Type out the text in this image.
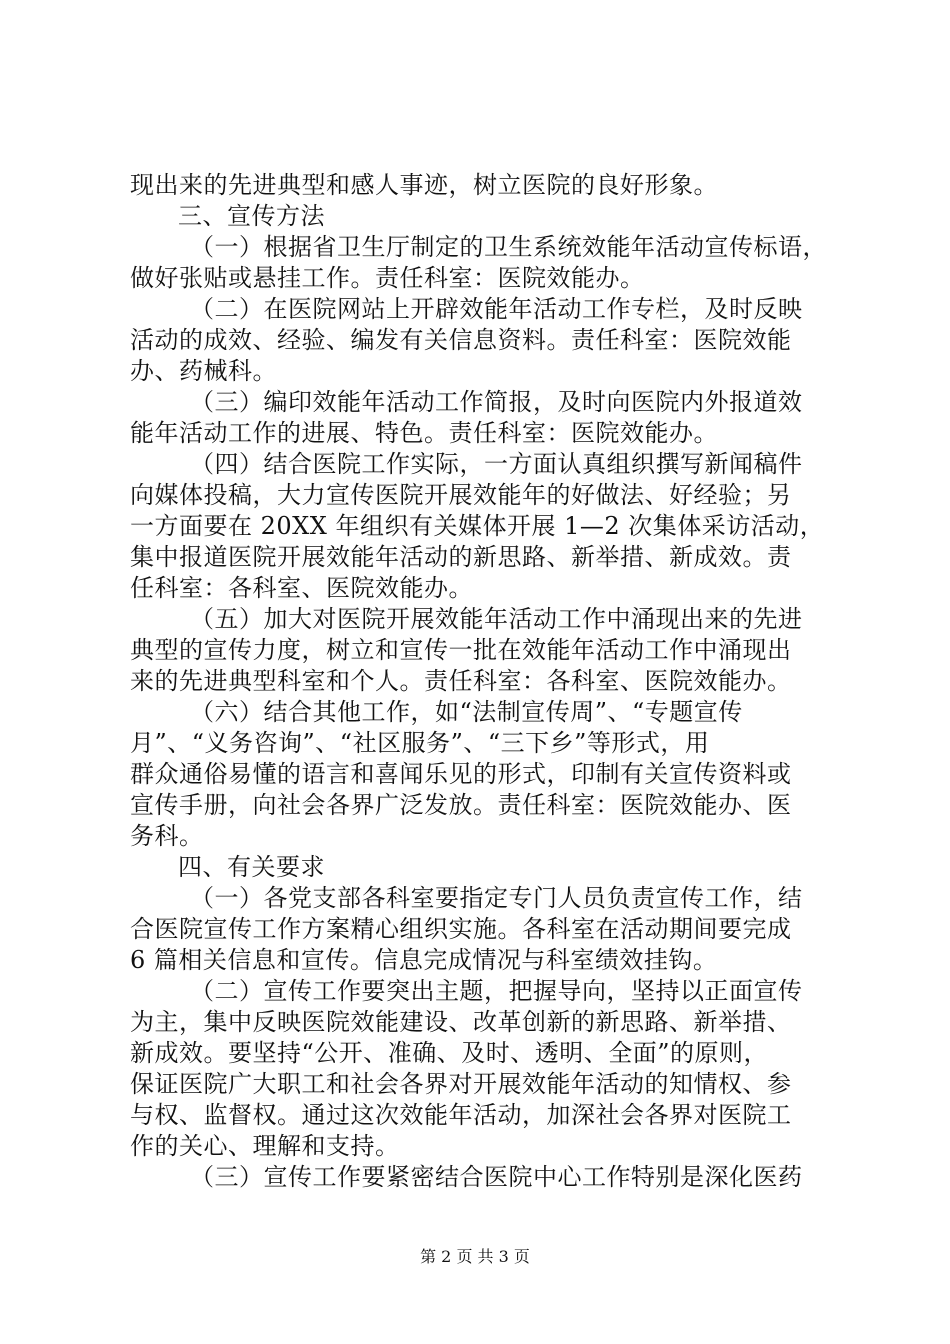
现出来的先进典型和感人事迹，树立医院的良好形象。
三、宣传方法
（一）根据省卫生厅制定的卫生系统效能年活动宣传标语，
做好张贴或悬挂工作。责任科室：医院效能办。
（二）在医院网站上开辟效能年活动工作专栏，及时反映
活动的成效、经验、编发有关信息资料。责任科室：医院效能
办、药械科。
（三）编印效能年活动工作简报，及时向医院内外报道效
能年活动工作的进展、特色。责任科室：医院效能办。
（四）结合医院工作实际，一方面认真组织撰写新闻稿件
向媒体投稿，大力宣传医院开展效能年的好做法、好经验；另
一方面要在 20XX 年组织有关媒体开展 1—2 次集体采访活动，
集中报道医院开展效能年活动的新思路、新举措、新成效。责
任科室：各科室、医院效能办。
（五）加大对医院开展效能年活动工作中涌现出来的先进
典型的宣传力度，树立和宣传一批在效能年活动工作中涌现出
来的先进典型科室和个人。责任科室：各科室、医院效能办。
（六）结合其他工作，如“法制宣传周”、“专题宣传
月”、“义务咨询”、“社区服务”、“三下乡”等形式，用
群众通俗易懂的语言和喜闻乐见的形式，印制有关宣传资料或
宣传手册，向社会各界广泛发放。责任科室：医院效能办、医
务科。
四、有关要求
（一）各党支部各科室要指定专门人员负责宣传工作，结
合医院宣传工作方案精心组织实施。各科室在活动期间要完成
6 篇相关信息和宣传。信息完成情况与科室绩效挂钩。
（二）宣传工作要突出主题，把握导向，坚持以正面宣传
为主，集中反映医院效能建设、改革创新的新思路、新举措、
新成效。要坚持“公开、准确、及时、透明、全面”的原则，
保证医院广大职工和社会各界对开展效能年活动的知情权、参
与权、监督权。通过这次效能年活动，加深社会各界对医院工
作的关心、理解和支持。
（三）宣传工作要紧密结合医院中心工作特别是深化医药
第 2 页 共 3 页
